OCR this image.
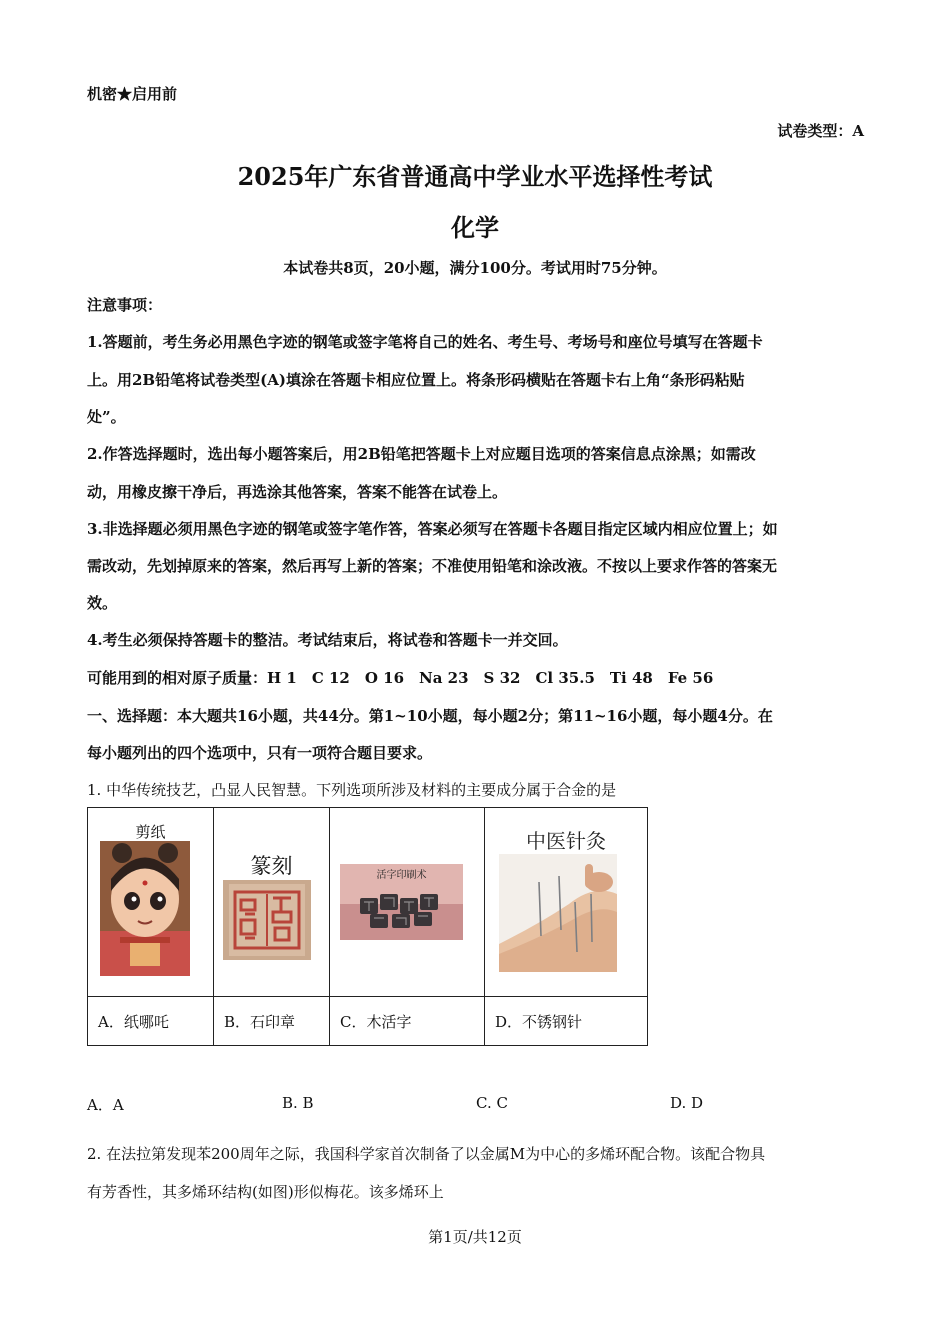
机密★启用前
试卷类型：A
2025年广东省普通高中学业水平选择性考试
化学
本试卷共8页，20小题，满分100分。考试用时75分钟。
注意事项：
1.答题前，考生务必用黑色字迹的钢笔或签字笔将自己的姓名、考生号、考场号和座位号填写在答题卡
上。用2B铅笔将试卷类型(A)填涂在答题卡相应位置上。将条形码横贴在答题卡右上角“条形码粘贴
处”。
2.作答选择题时，选出每小题答案后，用2B铅笔把答题卡上对应题目选项的答案信息点涂黑；如需改
动，用橡皮擦干净后，再选涂其他答案，答案不能答在试卷上。
3.非选择题必须用黑色字迹的钢笔或签字笔作答，答案必须写在答题卡各题目指定区域内相应位置上；如
需改动，先划掉原来的答案，然后再写上新的答案；不准使用铅笔和涂改液。不按以上要求作答的答案无
效。
4.考生必须保持答题卡的整洁。考试结束后，将试卷和答题卡一并交回。
可能用到的相对原子质量：H 1　C 12　O 16　Na 23　S 32　Cl 35.5　Ti 48　Fe 56
一、选择题：本大题共16小题，共44分。第1~10小题，每小题2分；第11~16小题，每小题4分。在
每小题列出的四个选项中，只有一项符合题目要求。
1. 中华传统技艺，凸显人民智慧。下列选项所涉及材料的主要成分属于合金的是
剪纸	篆刻	活字印刷术	中医针灸

A．纸哪吒	B．石印章	C．木活字	D．不锈钢针
A．A	B. B	C. C	D. D
2. 在法拉第发现苯200周年之际，我国科学家首次制备了以金属M为中心的多烯环配合物。该配合物具
有芳香性，其多烯环结构(如图)形似梅花。该多烯环上
第1页/共12页
